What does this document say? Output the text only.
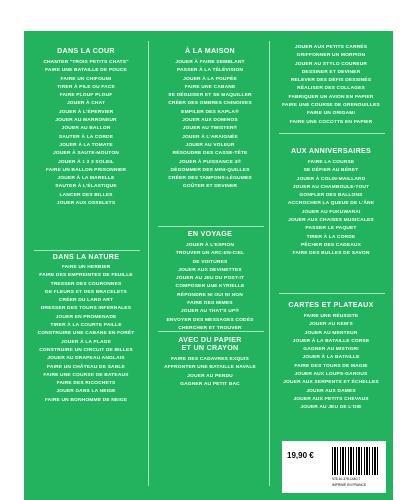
DANS LA COUR
CHANTER "TROIS PETITS CHATS"
FAIRE UNE BATAILLE DE POUCE
FAIRE UN CHIFOUMI
TIRER À PILE OU FACE
FAIRE PLOUF PLOUF
JOUER À CHAT
JOUER À L'ÉPERVIER
JOUER AU MARRONEUR
JOUER AU BALLON
SAUTER À LA CORDE
JOUER À LA TOMATE
JOUER À SAUTE-MOUTON
JOUER À 1 2 3 SOLEIL
FAIRE UN BALLON PRISONNIER
JOUER À LA MARELLE
SAUTER À L'ÉLASTIQUE
LANCER DES BILLES
JOUER AUX OSSELETS
DANS LA NATURE
FAIRE UN HERBIER
FAIRE DES EMPREINTES DE FEUILLE
TRESSER DES COURONNES
DE FLEURS ET DES BRACELETS
CRÉER DU LAND ART
DRESSER DES TOURS INFERNALES
JOUER EN PROMENADE
TIRER À LA COURTE PAILLE
CONSTRUIRE UNE CABANE EN FORÊT
JOUER À LA PLAGE
CONSTRUIRE UN CIRCUIT DE BILLES
JOUER AU DRAPEAU ANGLAIS
FAIRE UN CHÂTEAU DE SABLE
FAIRE UNE COURSE DE BATEAUX
FAIRE DES RICOCHETS
JOUER DANS LA NEIGE
FAIRE UN BONHOMME DE NEIGE
À LA MAISON
JOUER À FAIRE SEMBLANT
PASSER À LA TÉLÉVISION
JOUER À LA POUPÉE
FAIRE UNE CABANE
SE DÉGUISER ET SE MAQUILLER
CRÉER DES OMBRES CHINOISES
EMPILER DES KAPLA®
JOUER AUX DOMINOS
JOUER AU TWISTER®
JOUER À L'ARAIGNÉE
JOUER AU VOLEUR
RÉSOUDRE DES CASSE-TÊTE
JOUER À PUISSANCE 4®
DÉGOMMER DES MINI-QUILLES
CRÉER DES TAMPONS-LÉGUMES
GOÛTER ET DEVINER
EN VOYAGE
JOUER À L'ESPION
TROUVER UN ARC-EN-CIEL
DE VOITURES
JOUER AUX DEVINETTES
JOUER AU JEU DU POST-IT
COMPOSER UNE KYRIELLE
RÉPONDRE NI OUI NI NON
FAIRE DES MIMES
JOUER AU THAT'S UP®
ENVOYER DES MESSAGES CODÉS
CHERCHER ET TROUVER
AVEC DU PAPIER
ET UN CRAYON
FAIRE DES CADAVRES EXQUIS
AFFRONTER UNE BATAILLE NAVALE
JOUER AU PENDU
GAGNER AU PETIT BAC
JOUER AUX PETITS CARRÉS
GRIFFONNER UN MORPION
JOUER AU STYLO COUREUR
DESSINER ET DEVINER
RELEVER DES DÉFIS DESSINÉS
RÉALISER DES COLLAGES
FABRIQUER UN AVION EN PAPIER
FAIRE UNE COURSE DE GRENOUILLES
FAIRE UN ORIGAMI
FAIRE UNE COCOTTE EN PAPIER
AUX ANNIVERSAIRES
FAIRE LA COURSE
SE DÉFIER AU BÉRET
JOUER À COLIN-MAILLARD
JOUER AU CHAMBOULE-TOUT
GONFLER DES BALLONS
ACCROCHER LA QUEUE DE L'ÂNE
JOUER AU FUKUWARAI
JOUER AUX CHAISES MUSICALES
PASSER LE PAQUET
TIRER À LA CORDE
PÊCHER DES CADEAUX
FAIRE DES BULLES DE SAVON
CARTES ET PLATEAUX
FAIRE UNE RÉUSSITE
JOUER AU KEM'S
JOUER AU MENTEUR
JOUER À LA BATAILLE CORSE
GAGNER AU MISTIGRI
JOUER À LA BATAILLE
FAIRE DES TOURS DE MAGIE
JOUER AUX LOUPS-GAROUS
JOUER AUX SERPENTS ET ÉCHELLES
JOUER AUX DAMES
JOUER AUX PETITS CHEVAUX
JOUER AU JEU DE L'OIE
19,90 €
978-10-375-1440-7
IMPRIMÉ EN FRANCE
